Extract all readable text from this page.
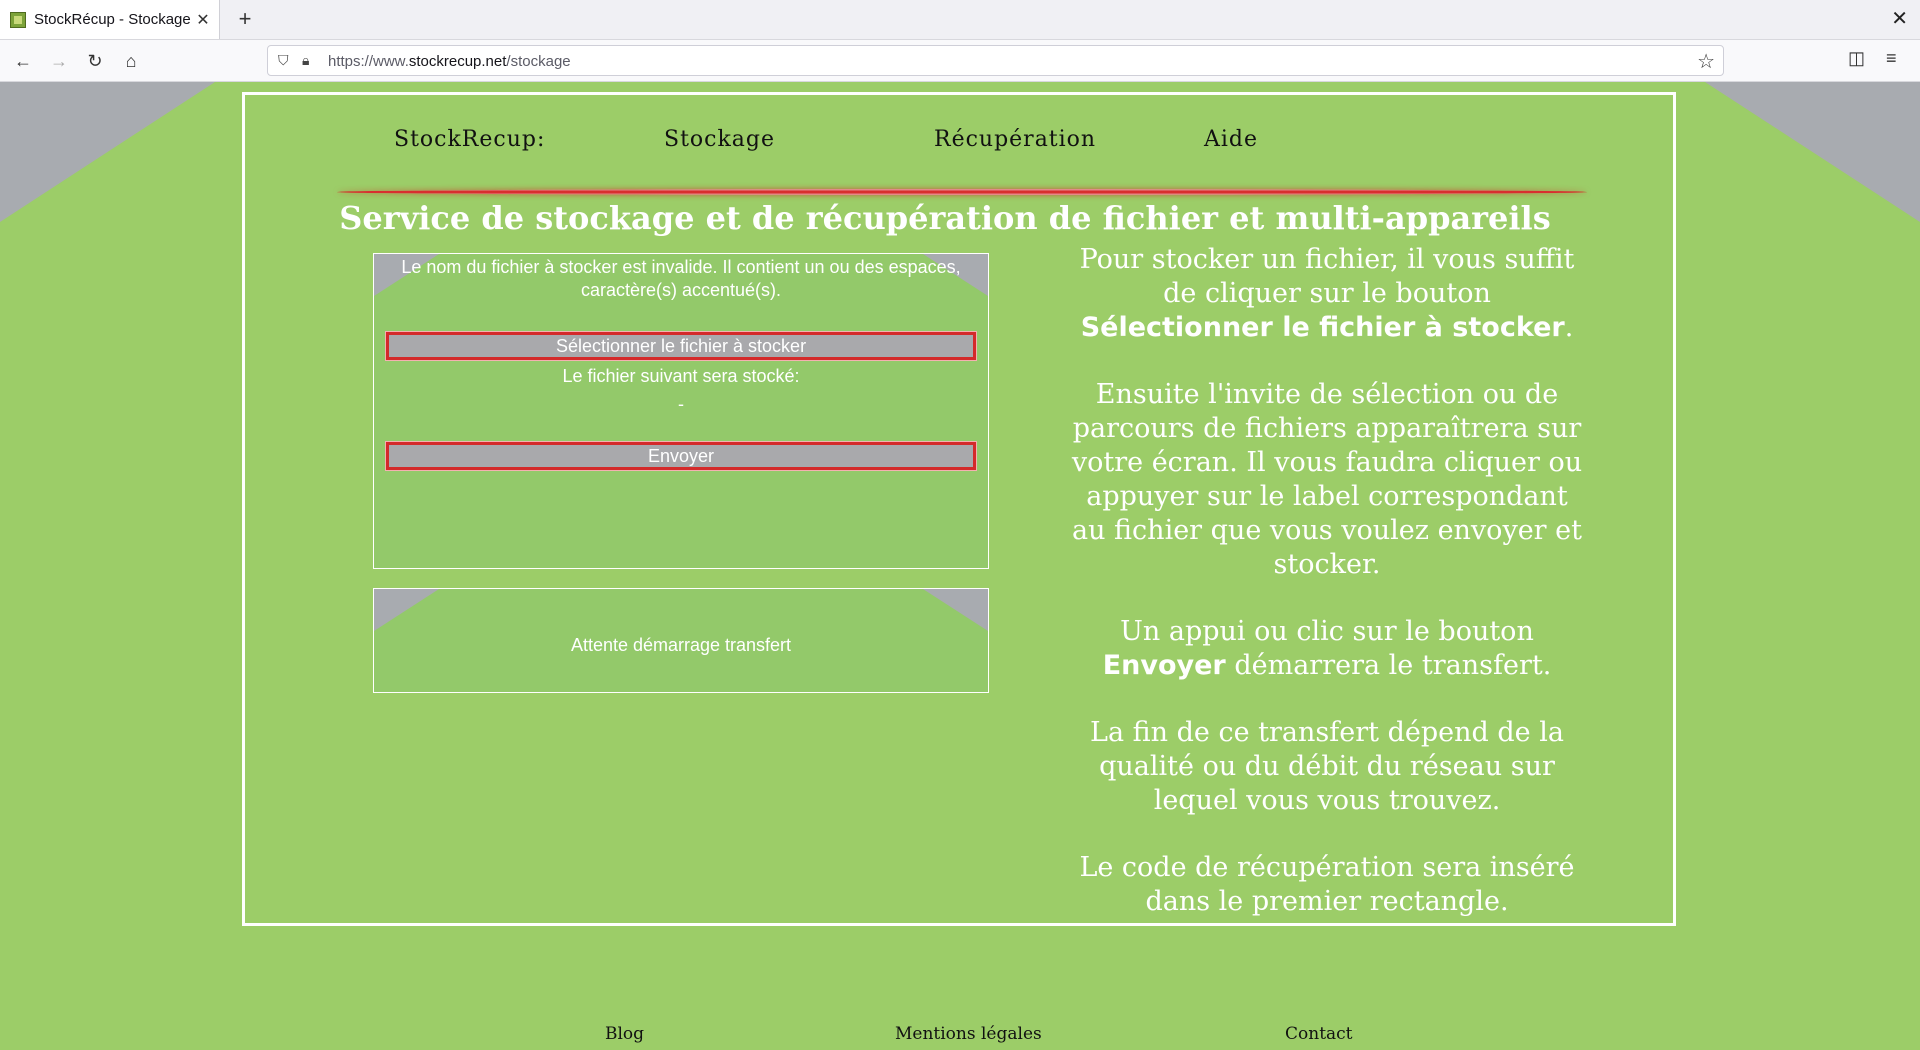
StockRécup - Stockage ✕ +	✕
← →	↻	⌂	⛉ 🔒︎ https://www.stockrecup.net/stockage	☆	◫ ≡
StockRecup:	Stockage	Récupération	Aide
Service de stockage et de récupération de fichier et multi-appareils
Le nom du fichier à stocker est invalide. Il contient un ou des espaces,
caractère(s) accentué(s).
Sélectionner le fichier à stocker
Le fichier suivant sera stocké:
-
Envoyer
Attente démarrage transfert

Pour stocker un fichier, il vous suffit de cliquer sur le bouton Sélectionner le fichier à stocker.

Ensuite l'invite de sélection ou de parcours de fichiers apparaîtrera sur votre écran. Il vous faudra cliquer ou appuyer sur le label correspondant au fichier que vous voulez envoyer et stocker.

Un appui ou clic sur le bouton Envoyer démarrera le transfert.

La fin de ce transfert dépend de la qualité ou du débit du réseau sur lequel vous vous trouvez.

Le code de récupération sera inséré dans le premier rectangle.

Blog	Mentions légales	Contact
